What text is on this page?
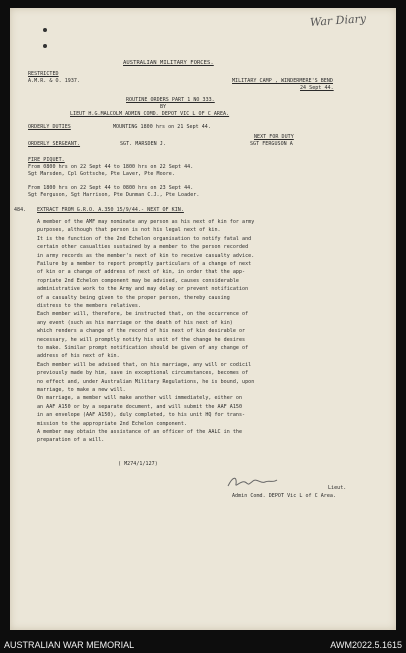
War Diary
AUSTRALIAN MILITARY FORCES.
RESTRICTED
A.M.R. & O. 1937.	MILITARY CAMP , WINDERMERE'S BEND
24 Sept 44.
ROUTINE ORDERS PART 1 NO 333.
BY
LIEUT H.G.MALCOLM ADMIN COMD. DEPOT VIC L OF C AREA.
ORDERLY DUTIES	MOUNTING 1800 hrs on 21 Sept 44.
NEXT FOR DUTY
ORDERLY SERGEANT.	SGT. MARSDEN J.	SGT FERGUSON A
FIRE PIQUET.
From 0800 hrs on 22 Sept 44 to 1800 hrs on 22 Sept 44.
Sgt Marsden, Cpl Gottsche, Pte Laver, Pte Moore.
From 1800 hrs on 22 Sept 44 to 0800 hrs on 23 Sept 44.
Sgt Ferguson, Sgt Harrison, Pte Dunman C.J., Pte Loader.
484. EXTRACT FROM G.R.O. A.350 15/9/44.- NEXT OF KIN.
A member of the AMF may nominate any person as his next of kin for army
purposes, although that person is not his legal next of kin.
It is the function of the 2nd Echelon organisation to notify fatal and
certain other casualties sustained by a member to the person recorded
in army records as the member's next of kin to receive casualty advice.
Failure by a member to report promptly particulars of a change of next
of kin or a change of address of next of kin, in order that the app-
ropriate 2nd Echelon component may be advised, causes considerable
administrative work to the Army and may delay or prevent notification
of a casualty being given to the proper person, thereby causing
distress to the members relatives.
Each member will, therefore, be instructed that, on the occurrence of
any event (such as his marriage or the death of his next of kin)
which renders a change of the record of his next of kin desirable or
necessary, he will promptly notify his unit of the change he desires
to make. Similar prompt notification should be given of any change of
address of his next of kin.
Each member will be advised that, on his marriage, any will or codicil
previously made by him, save in exceptional circumstances, becomes of
no effect and, under Australian Military Regulations, he is bound, upon
marriage, to make a new will.
On marriage, a member will make another will immediately, either on
an AAF A150 or by a separate document, and will submit the AAF A150
in an envelope (AAF A150), duly completed, to his unit HQ for trans-
mission to the appropriate 2nd Echelon component.
A member may obtain the assistance of an officer of the AALC in the
preparation of a will.
( M274/1/127)
Lieut.
Admin Comd. DEPOT Vic L of C Area.
AUSTRALIAN WAR MEMORIAL	AWM2022.5.1615
